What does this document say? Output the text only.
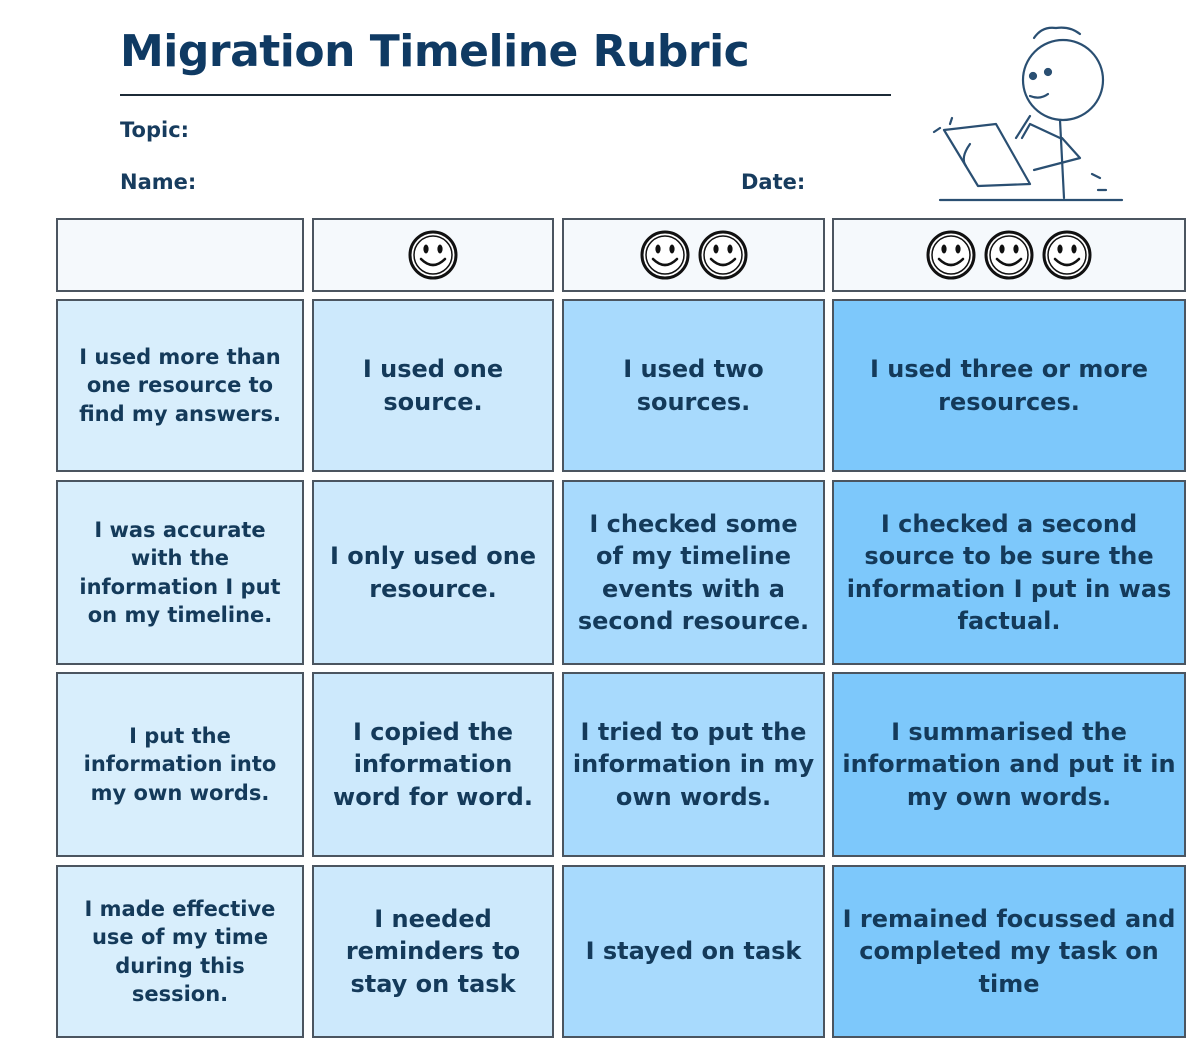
Migration Timeline Rubric
Topic:
Name:	Date:
I used more than one resource to find my answers.
I used one source.
I used two sources.
I used three or more resources.
I was accurate with the information I put on my timeline.
I only used one resource.
I checked some of my timeline events with a second resource.
I checked a second source to be sure the information I put in was factual.
I put the information into my own words.
I copied the information word for word.
I tried to put the information in my own words.
I summarised the information and put it in my own words.
I made effective use of my time during this session.
I needed reminders to stay on task
I stayed on task
I remained focussed and completed my task on time
